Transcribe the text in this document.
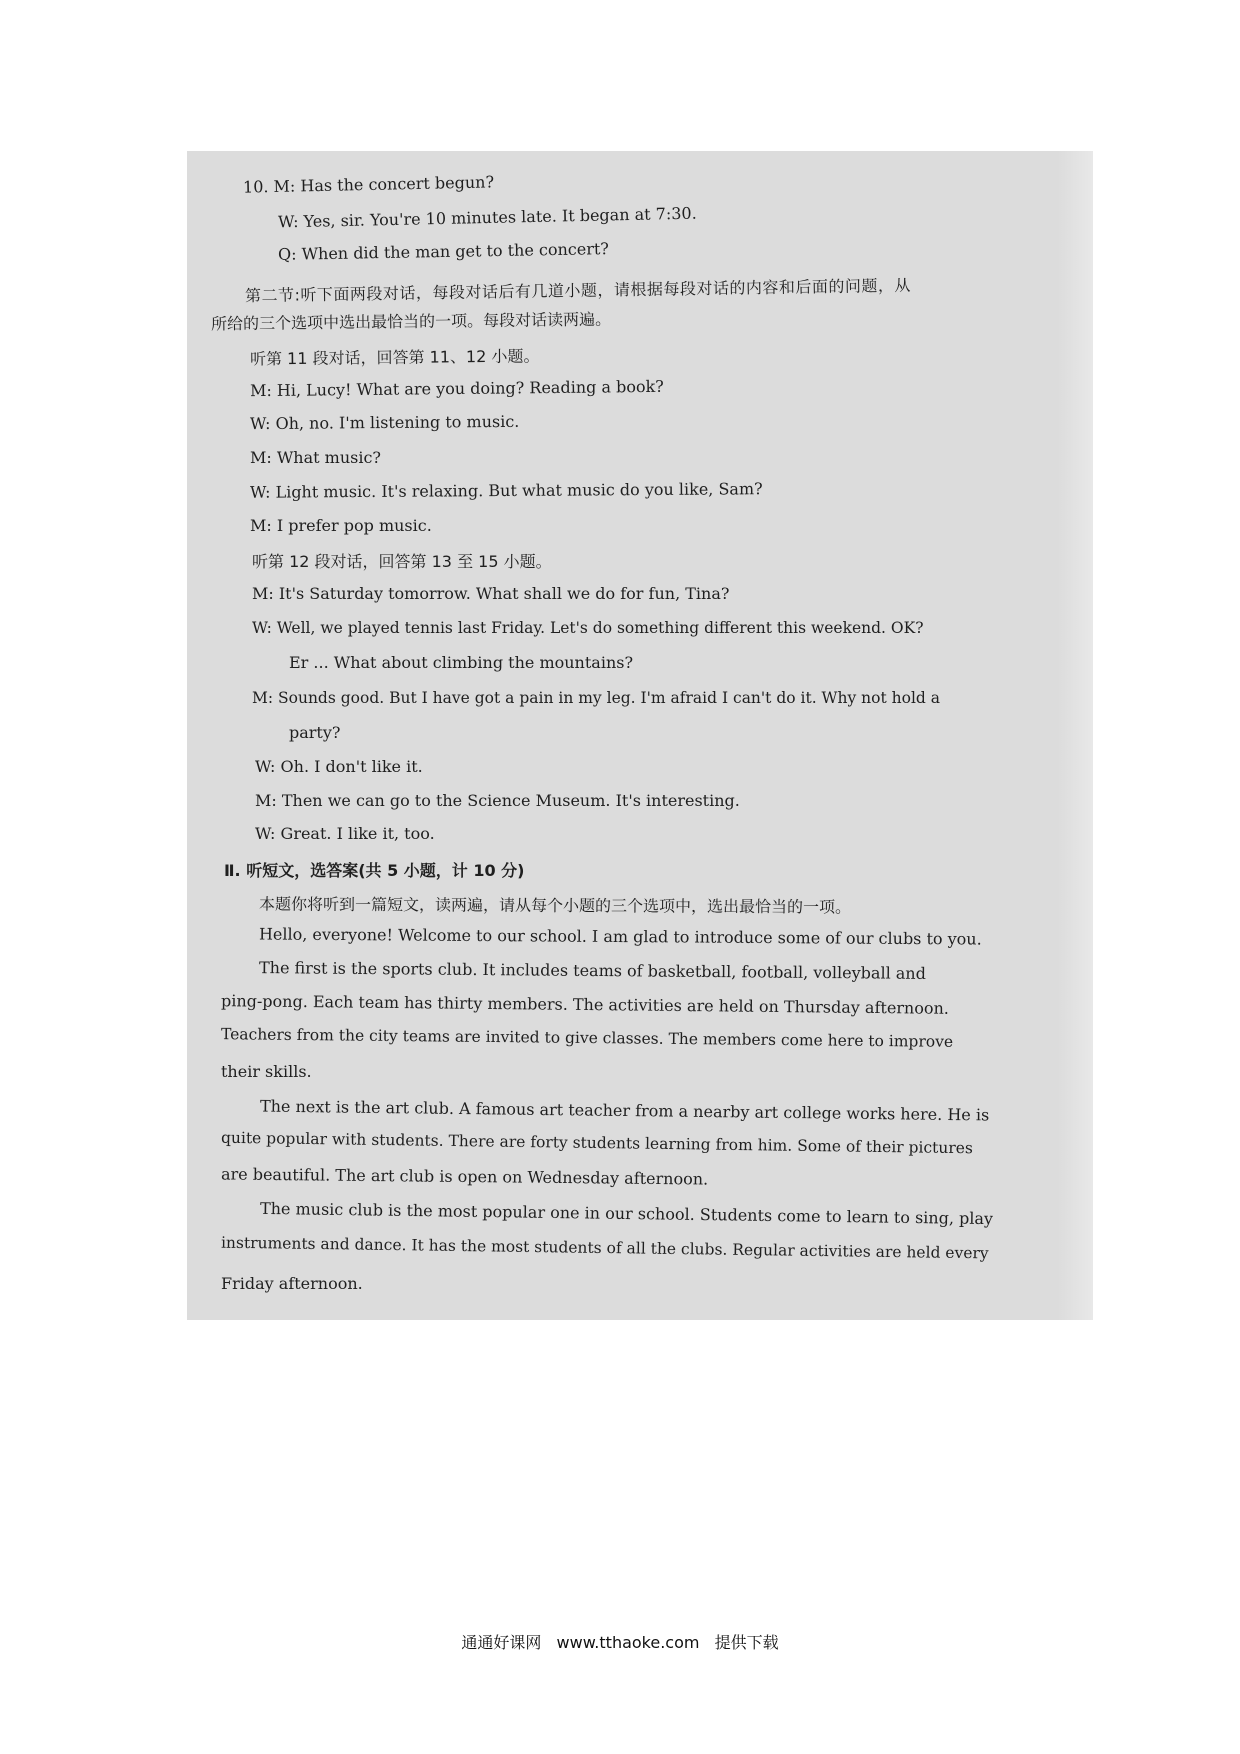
10. M: Has the concert begun?
W: Yes, sir. You're 10 minutes late. It began at 7:30.
Q: When did the man get to the concert?
第二节:听下面两段对话，每段对话后有几道小题，请根据每段对话的内容和后面的问题，从
所给的三个选项中选出最恰当的一项。每段对话读两遍。
听第 11 段对话，回答第 11、12 小题。
M: Hi, Lucy! What are you doing? Reading a book?
W: Oh, no. I'm listening to music.
M: What music?
W: Light music. It's relaxing. But what music do you like, Sam?
M: I prefer pop music.
听第 12 段对话，回答第 13 至 15 小题。
M: It's Saturday tomorrow. What shall we do for fun, Tina?
W: Well, we played tennis last Friday. Let's do something different this weekend. OK?
Er ... What about climbing the mountains?
M: Sounds good. But I have got a pain in my leg. I'm afraid I can't do it. Why not hold a
party?
W: Oh. I don't like it.
M: Then we can go to the Science Museum. It's interesting.
W: Great. I like it, too.
Ⅱ. 听短文，选答案(共 5 小题，计 10 分)
本题你将听到一篇短文，读两遍，请从每个小题的三个选项中，选出最恰当的一项。
Hello, everyone! Welcome to our school. I am glad to introduce some of our clubs to you.
The first is the sports club. It includes teams of basketball, football, volleyball and
ping-pong. Each team has thirty members. The activities are held on Thursday afternoon.
Teachers from the city teams are invited to give classes. The members come here to improve
their skills.
The next is the art club. A famous art teacher from a nearby art college works here. He is
quite popular with students. There are forty students learning from him. Some of their pictures
are beautiful. The art club is open on Wednesday afternoon.
The music club is the most popular one in our school. Students come to learn to sing, play
instruments and dance. It has the most students of all the clubs. Regular activities are held every
Friday afternoon.
通通好课网 www.tthaoke.com 提供下载
